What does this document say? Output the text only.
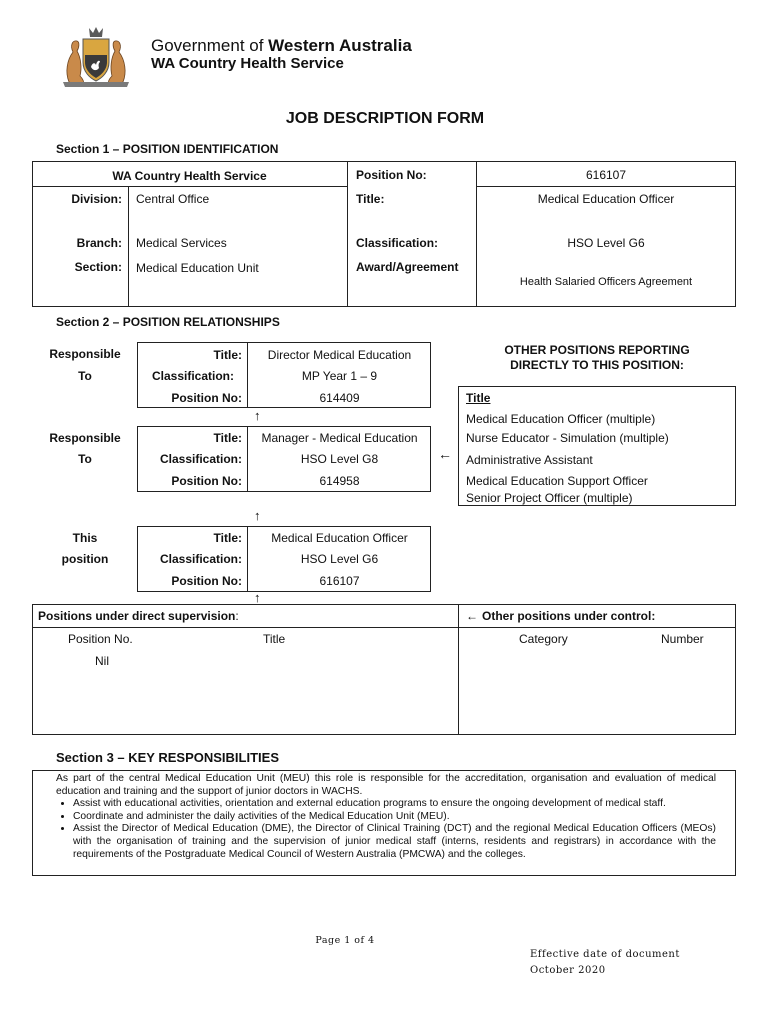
Government of Western Australia
WA Country Health Service
JOB DESCRIPTION FORM
Section 1 – POSITION IDENTIFICATION
WA Country Health Service
Division: Central Office
Branch: Medical Services
Section: Medical Education Unit
Position No:	616107
Title:	Medical Education Officer
Classification:	HSO Level G6
Award/Agreement
Health Salaried Officers Agreement
Section 2 – POSITION RELATIONSHIPS
Responsible
To
Responsible
To
This
position
Title:	Director Medical Education
Classification:	MP Year 1 – 9
Position No:	614409
↑
Title:	Manager - Medical Education
Classification:	HSO Level G8
Position No:	614958
↑
Title:	Medical Education Officer
Classification:	HSO Level G6
Position No:	616107
↑
OTHER POSITIONS REPORTING
DIRECTLY TO THIS POSITION:
Title
Medical Education Officer (multiple)
Nurse Educator - Simulation (multiple)
Administrative Assistant
Medical Education Support Officer
Senior Project Officer (multiple)
←
Positions under direct supervision:	← Other positions under control:
Position No.	Title
Nil
Category	Number
Section 3 – KEY RESPONSIBILITIES
As part of the central Medical Education Unit (MEU) this role is responsible for the accreditation, organisation and evaluation of medical education and training and the support of junior doctors in WACHS.
• Assist with educational activities, orientation and external education programs to ensure the ongoing development of medical staff.
• Coordinate and administer the daily activities of the Medical Education Unit (MEU).
• Assist the Director of Medical Education (DME), the Director of Clinical Training (DCT) and the regional Medical Education Officers (MEOs) with the organisation of training and the supervision of junior medical staff (interns, residents and registrars) in accordance with the requirements of the Postgraduate Medical Council of Western Australia (PMCWA) and the colleges.
Page 1 of 4
Effective date of document
October 2020
